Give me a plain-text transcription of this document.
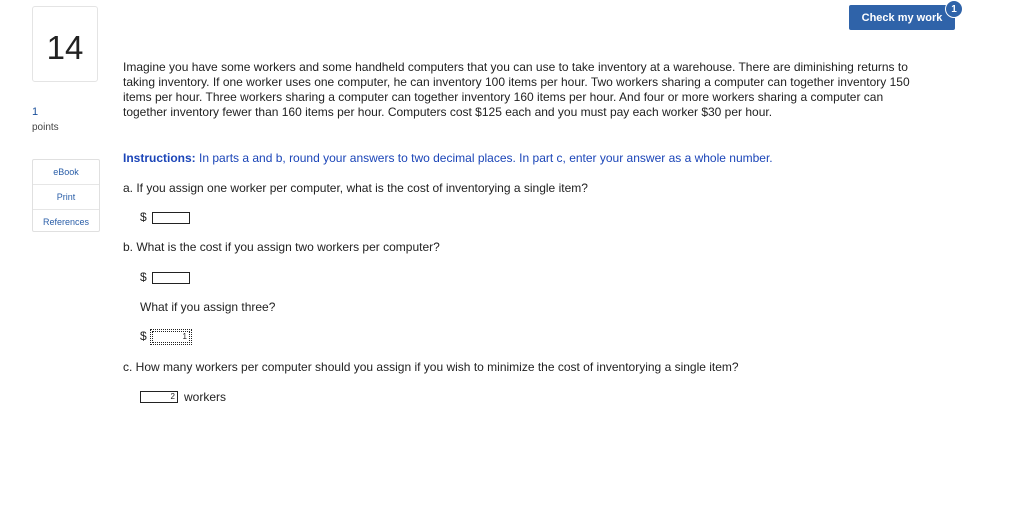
14
1
points
eBook
Print
References
Check my work
1
Imagine you have some workers and some handheld computers that you can use to take inventory at a warehouse. There are diminishing returns to taking inventory. If one worker uses one computer, he can inventory 100 items per hour. Two workers sharing a computer can together inventory 150 items per hour. Three workers sharing a computer can together inventory 160 items per hour. And four or more workers sharing a computer can together inventory fewer than 160 items per hour. Computers cost $125 each and you must pay each worker $30 per hour.
Instructions: In parts a and b, round your answers to two decimal places. In part c, enter your answer as a whole number.
a. If you assign one worker per computer, what is the cost of inventorying a single item?
$
b. What is the cost if you assign two workers per computer?
$
What if you assign three?
$	1
c. How many workers per computer should you assign if you wish to minimize the cost of inventorying a single item?
2 workers
